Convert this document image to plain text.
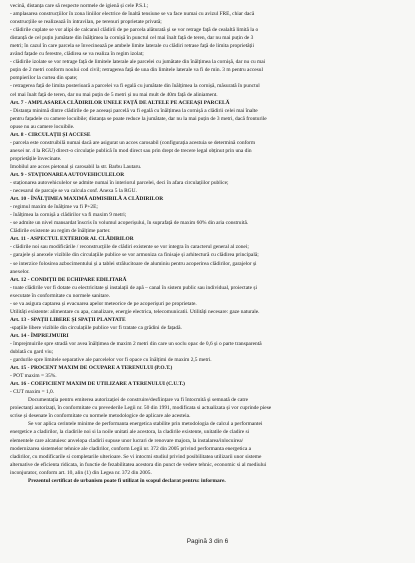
vecină, distanța care să respecte normele de igienă și cele P.S.I.;
- amplasarea construcțiilor în zona liniilor electrice de înaltă tensiune se va face numai cu avizul FRE, chiar dacă
construcțiile se realizează în intravilan, pe terenuri proprietate privată;
- clădirile cuplate se vor alipi de calcanul clădirii de pe parcela alăturată și se vor retrage față de cealaltă limită la o
distanță de cel puțin jumătate din înălțimea la cornișă în punctul cel mai înalt față de teren, dar nu mai puțin de 3
metri; în cazul în care parcela se învecinează pe ambele limite laterale cu clădiri retrase față de limita proprietății
având fațade cu ferestre, clădirea se va realiza în regim izolat;
- clădirile izolate se vor retrage față de limitele laterale ale parcelei cu jumătate din înălțimea la cornișă, dar nu cu mai
puțin de 2 metri conform noului cod civil; retragerea față de una din limitele laterale va fi de min. 3 m pentru accesul
pompierilor la curtea din spate;
- retragerea față de limita posterioară a parcelei va fi egală cu jumătate din înălțimea la cornișă, măsurată în punctul
cel mai înalt față de teren, dar nu mai puțin de 5 metri și nu mai mult de 40m față de aliniament.
Art. 7 - AMPLASAREA CLĂDIRILOR UNELE FAȚĂ DE ALTELE PE ACEEAȘI PARCELĂ
- Distanța minimă dintre clădirile de pe aceeași parcelă va fi egală cu înălțimea la cornișă a clădirii celei mai înalte
pentru fațadele cu camere locuibile; distanța se poate reduce la jumătate, dar nu la mai puțin de 3 metri, dacă fronturile
opuse nu au camere locuibile.
Art. 8 - CIRCULAȚII ȘI ACCESE
- parcela este construibilă numai dacă are asigurat un acces carosabil (configurația acestuia se determină conform
anexei nr. 4 la RGU) direct-o circulație publică în mod direct sau prin drept de trecere legal obținut prin una din
proprietățile învecinate.
Imobilul are acces pietonal și carosabil la str. Barbu Lautaru.
Art. 9 - STAȚIONAREA AUTOVEHICULELOR
- staționarea autovehiculelor se admite numai în interiorul parcelei, deci în afara circulațiilor publice;
- necesarul de parcaje se va calcula conf. Anexa 5 la RGU.
Art. 10 - ÎNĂLȚIMEA MAXIMĂ ADMISIBILĂ A CLĂDIRILOR
- regimul maxim de înălțime va fi P+2E;
- înălțimea la cornișă a clădirilor va fi maxim 9 metri;
- se admite un nivel mansardat înscris în volumul acoperișului, în suprafață de maxim 60% din aria construită.
Clădirile existente au regim de înălțime parter.
Art. 11 - ASPECTUL EXTERIOR AL CLĂDIRILOR
- clădirile noi sau modificările / reconstrucțiile de clădiri existente se vor integra în caracterul general al zonei;
- garajele și anexele vizibile din circulațiile publice se vor armoniza ca finisaje și arhitectură cu clădirea principală;
- se interzice folosirea azbocimentului și a tablei strălucitoare de aluminiu pentru acoperirea clădirilor, garajelor și
anexelor.
Art. 12 - CONDIȚII DE ECHIPARE EDILITARĂ
- toate clădirile vor fi dotate cu electricitate și instalații de apă – canal în sistem public sau individual, proiectate și
executate în conformitate cu normele sanitare.
- se va asigura captarea și evacuarea apelor meteorice de pe acoperișuri pe proprietate.
Utilități existente: alimentare cu apa, canalizare, energie electrica, telecomunicatii. Utilități necesare: gaze naturale.
Art. 13 - SPAȚII LIBERE ȘI SPAȚII PLANTATE
-spațiile libere vizibile din circulațiile publice vor fi tratate ca grădini de fațadă.
Art. 14 - ÎMPREJMUIRI
- împrejmuirile spre stradă vor avea înălțimea de maxim 2 metri din care un soclu opac de 0,6 și o parte transparentă
dublată cu gard viu;
- gardurile spre limitele separative ale parcelelor vor fi opace cu înălțimi de maxim 2,5 metri.
Art. 15 - PROCENT MAXIM DE OCUPARE A TERENULUI (P.O.T.)
- POT maxim = 35%.
Art. 16 - COEFICIENT MAXIM DE UTILIZARE A TERENULUI (C.U.T.)
- CUT maxim = 1,0.
Documentația pentru emiterea autorizației de construire/desființare va fi întocmită și semnată de catre
proiectanți autorizați, în conformitate cu prevederile Legii nr. 50 din 1991, modificata si actualizata și vor cuprinde piese
scrise și desenate în conformitate cu normele metodologice de aplicare ale acesteia.
Se vor aplica cerintele minime de performanta energetica stabilite prin metodologia de calcul a performantei
energetice a cladirilor, la cladirile noi si la noile unitati ale acestora, la cladirile existente, unitatile de cladire si
elementele care alcatuiesc anvelopa cladirii supuse unor lucrari de renovare majora, la instalarea/inlocuirea/
modernizarea sistemelor tehnice ale cladirilor, conform Legii nr. 372 din 2005 privind performanta energetica a
cladirilor, cu modificarile si completarile ulterioare. Se vi intocmi studiul privind posibilitatea utilizarii unor sisteme
alternative de eficienta ridicata, in functie de fezabilitatea acestora din punct de vedere tehnic, economic si al mediului
inconjurator, conform art. 10, alin (1) din Legea nr. 372 din 2005.
Prezentul certificat de urbanism poate fi utilizat în scopul declarat pentru: informare.
Pagină 3 din 6
